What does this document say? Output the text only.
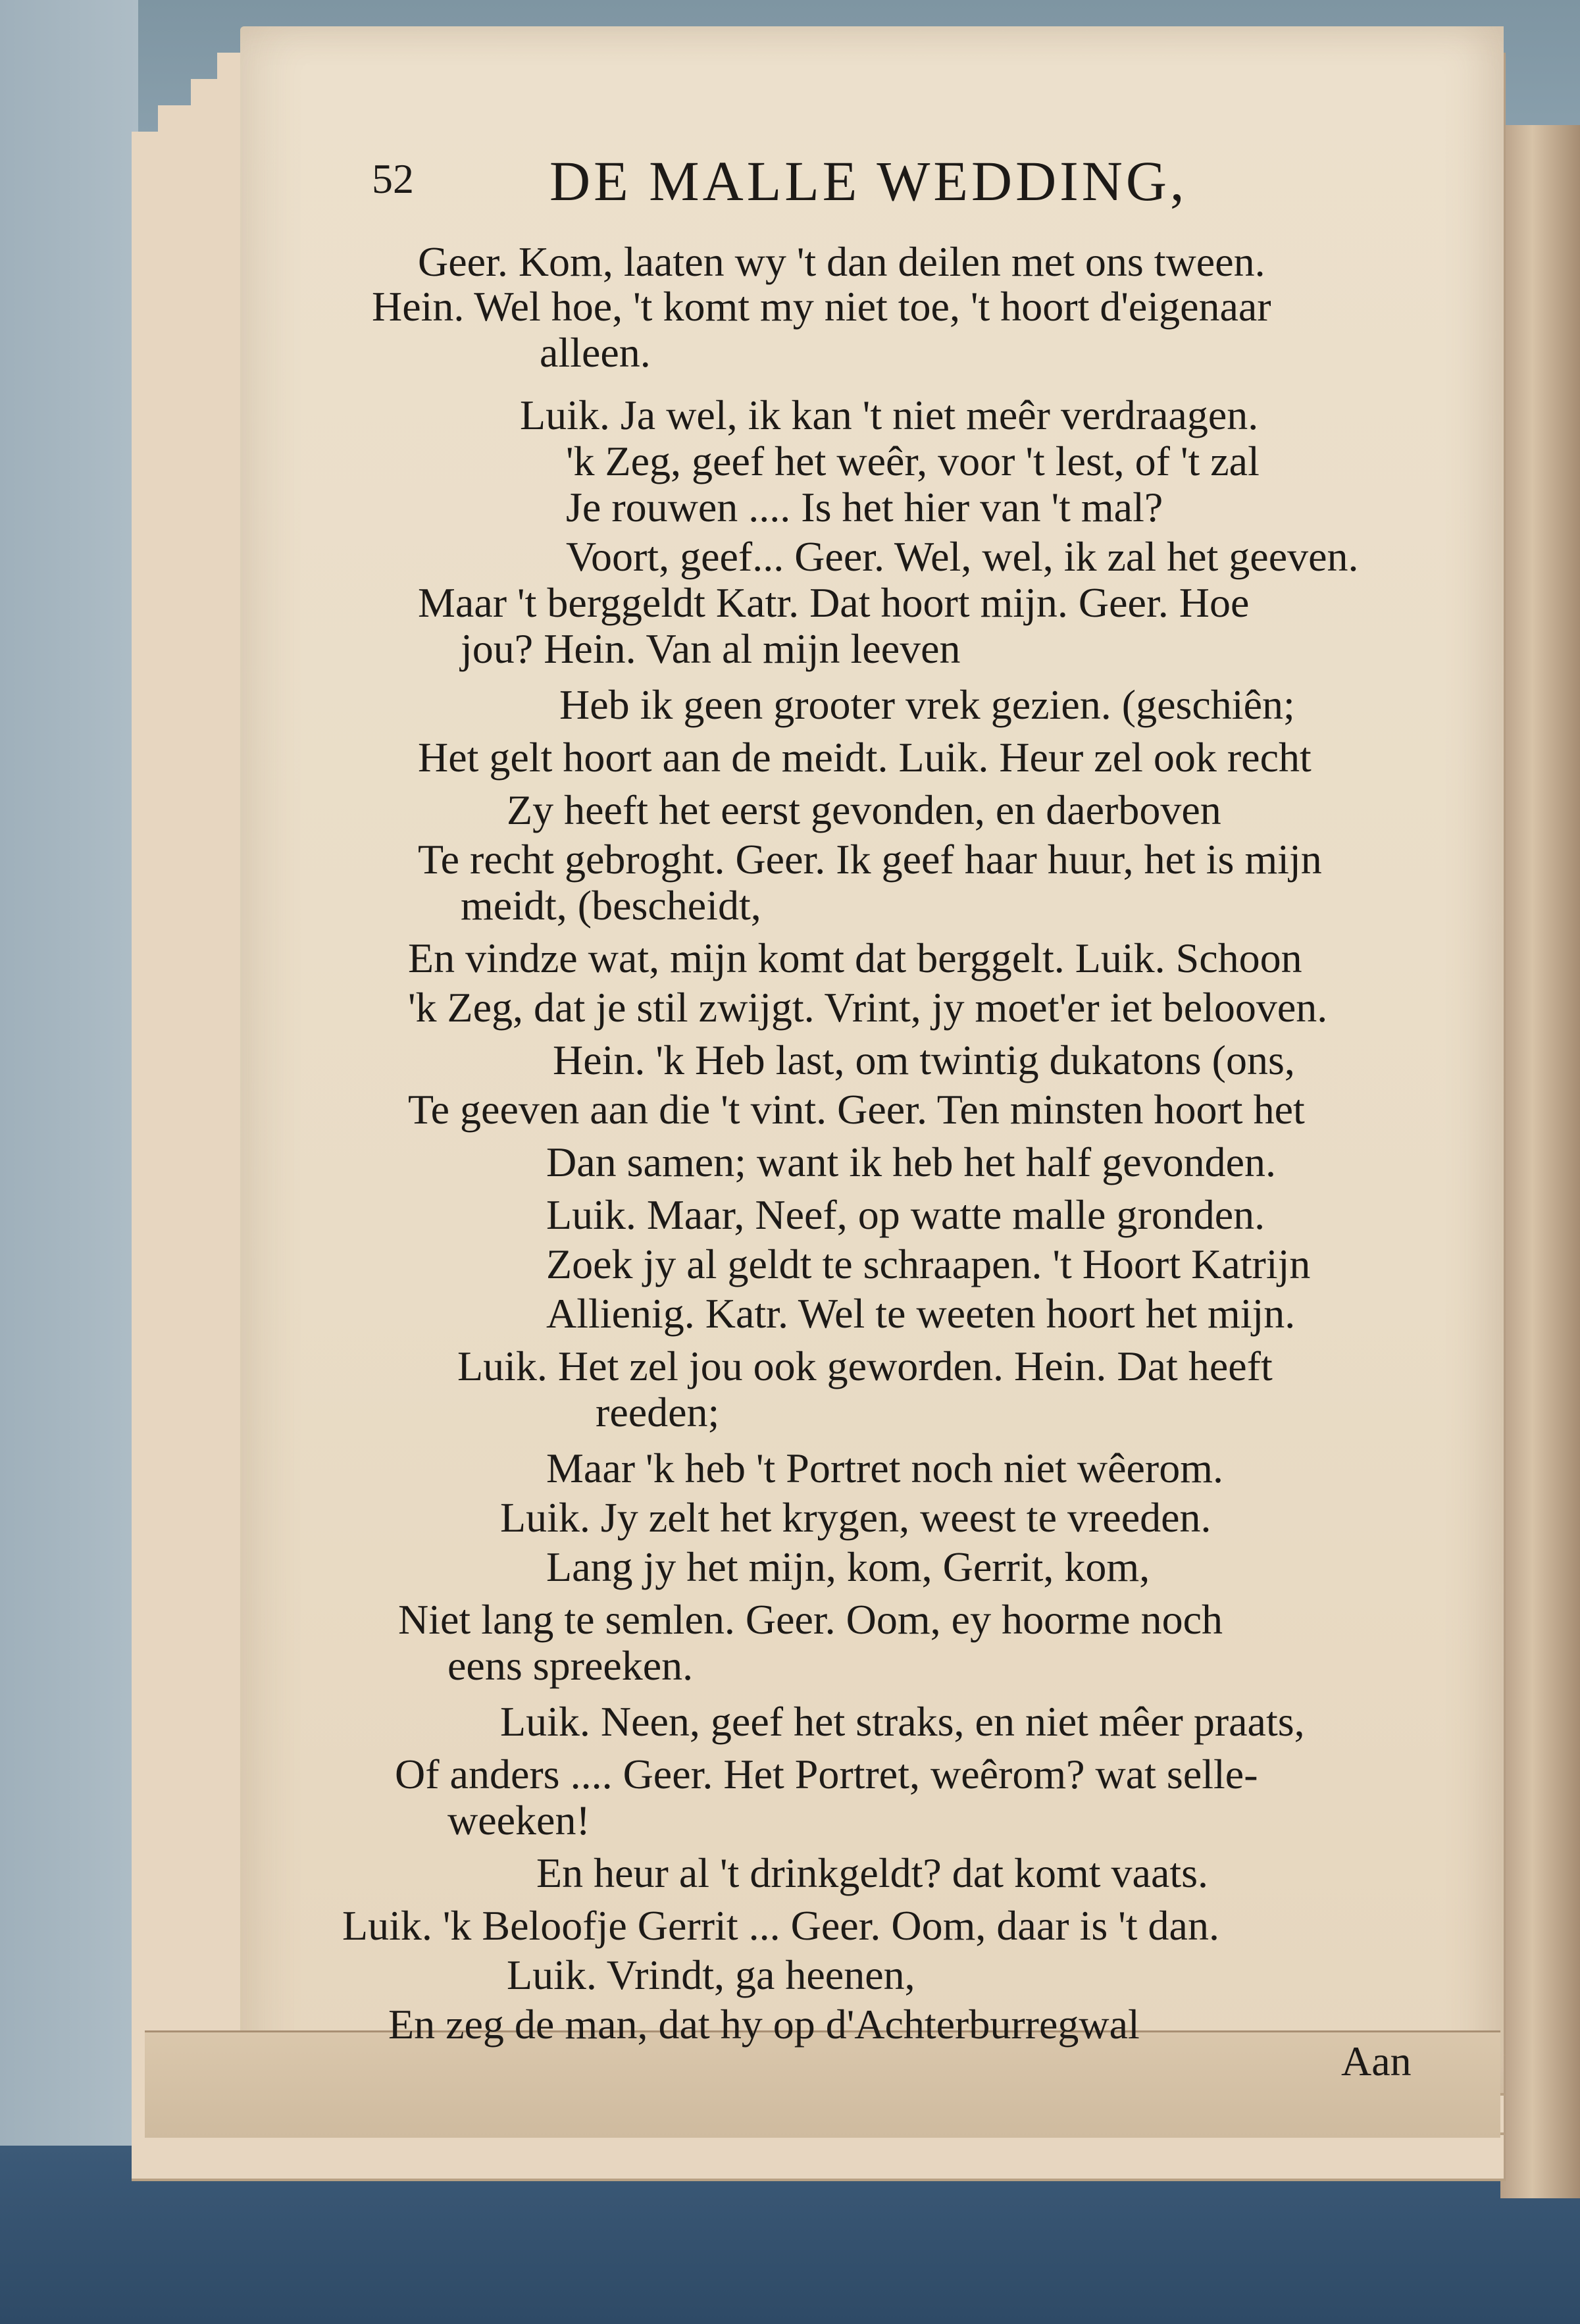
52 DE MALLE WEDDING,
Geer. Kom, laaten wy 't dan deilen met ons tween.
Hein. Wel hoe, 't komt my niet toe, 't hoort d'eigenaar
alleen.
Luik. Ja wel, ik kan 't niet meêr verdraagen.
'k Zeg, geef het weêr, voor 't lest, of 't zal
Je rouwen .... Is het hier van 't mal?
Voort, geef... Geer. Wel, wel, ik zal het geeven.
Maar 't berggeldt Katr. Dat hoort mijn. Geer. Hoe
jou? Hein. Van al mijn leeven
Heb ik geen grooter vrek gezien. (geschiên;
Het gelt hoort aan de meidt. Luik. Heur zel ook recht
Zy heeft het eerst gevonden, en daerboven
Te recht gebroght. Geer. Ik geef haar huur, het is mijn
meidt, (bescheidt,
En vindze wat, mijn komt dat berggelt. Luik. Schoon
'k Zeg, dat je stil zwijgt. Vrint, jy moet'er iet belooven.
Hein. 'k Heb last, om twintig dukatons (ons,
Te geeven aan die 't vint. Geer. Ten minsten hoort het
Dan samen; want ik heb het half gevonden.
Luik. Maar, Neef, op watte malle gronden.
Zoek jy al geldt te schraapen. 't Hoort Katrijn
Allienig. Katr. Wel te weeten hoort het mijn.
Luik. Het zel jou ook geworden. Hein. Dat heeft
reeden;
Maar 'k heb 't Portret noch niet wêerom.
Luik. Jy zelt het krygen, weest te vreeden.
Lang jy het mijn, kom, Gerrit, kom,
Niet lang te semlen. Geer. Oom, ey hoorme noch
eens spreeken.
Luik. Neen, geef het straks, en niet mêer praats,
Of anders .... Geer. Het Portret, weêrom? wat selle-
weeken!
En heur al 't drinkgeldt? dat komt vaats.
Luik. 'k Beloofje Gerrit ... Geer. Oom, daar is 't dan.
Luik. Vrindt, ga heenen,
En zeg de man, dat hy op d'Achterburregwal
Aan
